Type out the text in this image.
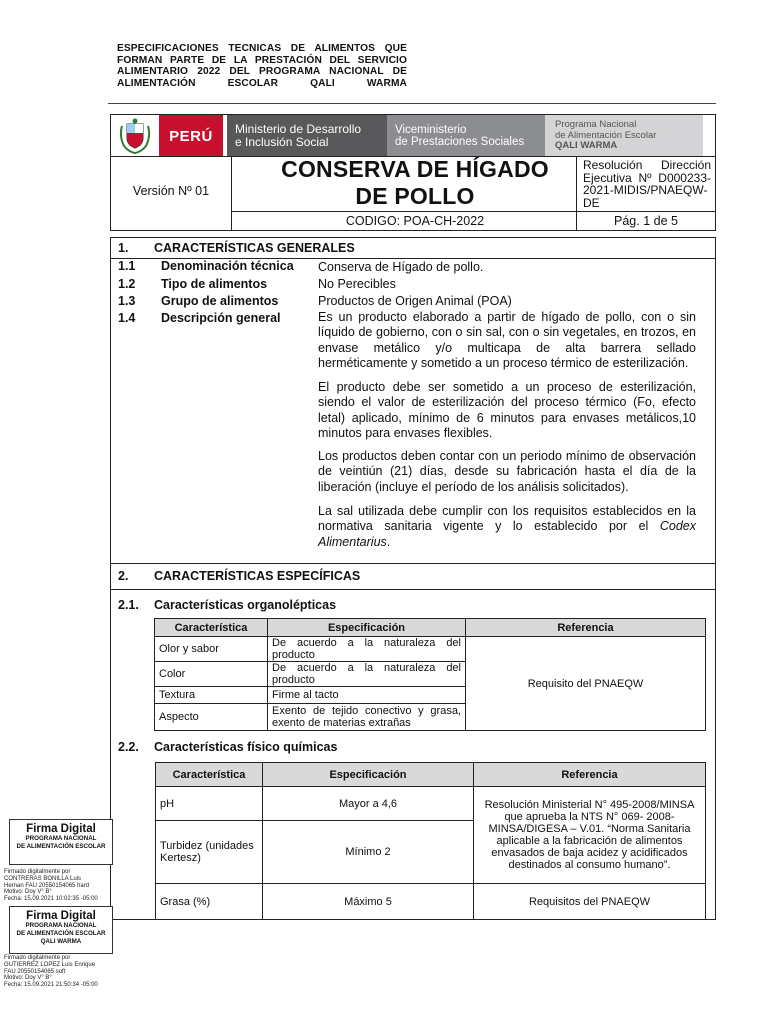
ESPECIFICACIONES TECNICAS DE ALIMENTOS QUE FORMAN PARTE DE LA PRESTACIÓN DEL SERVICIO ALIMENTARIO 2022 DEL PROGRAMA NACIONAL DE ALIMENTACIÓN ESCOLAR QALI WARMA
PERÚ	Ministerio de Desarrollo
e Inclusión Social
Viceministerio
de Prestaciones Sociales
Programa Nacional
de Alimentación Escolar
QALI WARMA
Versión Nº 01
CONSERVA DE HÍGADO
DE POLLO
Resolución Dirección Ejecutiva Nº D000233-2021-MIDIS/PNAEQW-DE
CODIGO: POA-CH-2022	Pág. 1 de 5
1. CARACTERÍSTICAS GENERALES
1.1 Denominación técnica Conserva de Hígado de pollo.
1.2 Tipo de alimentos	No Perecibles
1.3 Grupo de alimentos	Productos de Origen Animal (POA)
1.4 Descripción general	Es un producto elaborado a partir de hígado de pollo, con o sin líquido de gobierno, con o sin sal, con o sin vegetales, en trozos, en envase metálico y/o multicapa de alta barrera sellado herméticamente y sometido a un proceso térmico de esterilización.
El producto debe ser sometido a un proceso de esterilización, siendo el valor de esterilización del proceso térmico (Fo, efecto letal) aplicado, mínimo de 6 minutos para envases metálicos,10 minutos para envases flexibles.
Los productos deben contar con un periodo mínimo de observación de veintiún (21) días, desde su fabricación hasta el día de la liberación (incluye el período de los análisis solicitados).
La sal utilizada debe cumplir con los requisitos establecidos en la normativa sanitaria vigente y lo establecido por el Codex Alimentarius.
2. CARACTERÍSTICAS ESPECÍFICAS
2.1. Características organolépticas
Característica	Especificación	Referencia
Olor y sabor	De acuerdo a la naturaleza del producto	Requisito del PNAEQW
Color	De acuerdo a la naturaleza del producto	
Textura	Firme al tacto	
Aspecto	Exento de tejido conectivo y grasa, exento de materias extrañas	
2.2. Características físico químicas
Característica	Especificación	Referencia
pH	Mayor a 4,6	Resolución Ministerial N° 495-2008/MINSA que aprueba la NTS N° 069- 2008-MINSA/DIGESA – V.01. “Norma Sanitaria aplicable a la fabricación de alimentos envasados de baja acidez y acidificados destinados al consumo humano”.
Turbidez (unidades Kertesz)	Mínimo 2	
Grasa (%)	Máximo 5	Requisitos del PNAEQW
Firma Digital
PROGRAMA NACIONAL
DE ALIMENTACIÓN ESCOLAR
Firmado digitalmente por
CONTRERAS BONILLA Luis
Hernan FAU 20550154065 hard
Motivo: Doy V° B°
Fecha: 15.09.2021 10:02:35 -05:00
Firma Digital
PROGRAMA NACIONAL
DE ALIMENTACIÓN ESCOLAR
QALI WARMA
Firmado digitalmente por
GUTIERREZ LOPEZ Luis Enrique
FAU 20550154065 soft
Motivo: Doy V° B°
Fecha: 15.09.2021 21:50:34 -05:00
